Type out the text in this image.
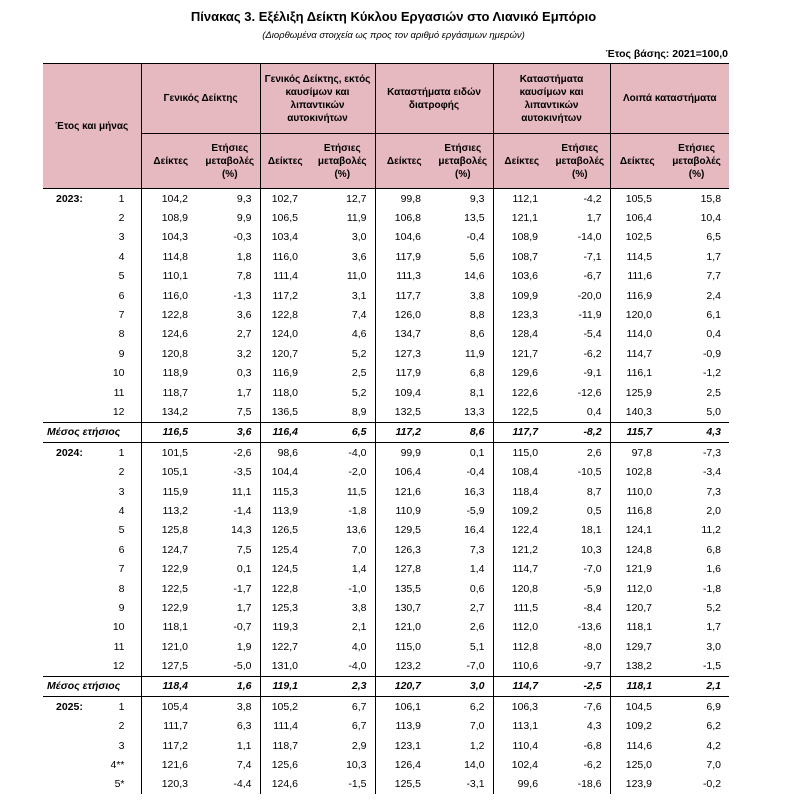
Πίνακας 3. Εξέλιξη Δείκτη Κύκλου Εργασιών στο Λιανικό Εμπόριο
(Διορθωμένα στοιχεία ως προς τον αριθμό εργάσιμων ημερών)
Έτος βάσης: 2021=100,0
Έτος και μήνας	Γενικός Δείκτης		Γενικός Δείκτης, εκτός καυσίμων και λιπαντικών αυτοκινήτων		Καταστήματα ειδών διατροφής		Καταστήματα καυσίμων και λιπαντικών αυτοκινήτων		Λοιπά καταστήματα	
	Δείκτες	Ετήσιες μεταβολές (%)	Δείκτες	Ετήσιες μεταβολές (%)	Δείκτες	Ετήσιες μεταβολές (%)	Δείκτες	Ετήσιες μεταβολές (%)	Δείκτες	Ετήσιες μεταβολές (%)
2023: 1	104,2	9,3	102,7	12,7	99,8	9,3	112,1	-4,2	105,5	15,8

2	108,9	9,9	106,5	11,9	106,8	13,5	121,1	1,7	106,4	10,4

3	104,3	-0,3	103,4	3,0	104,6	-0,4	108,9	-14,0	102,5	6,5

4	114,8	1,8	116,0	3,6	117,9	5,6	108,7	-7,1	114,5	1,7

5	110,1	7,8	111,4	11,0	111,3	14,6	103,6	-6,7	111,6	7,7

6	116,0	-1,3	117,2	3,1	117,7	3,8	109,9	-20,0	116,9	2,4

7	122,8	3,6	122,8	7,4	126,0	8,8	123,3	-11,9	120,0	6,1

8	124,6	2,7	124,0	4,6	134,7	8,6	128,4	-5,4	114,0	0,4

9	120,8	3,2	120,7	5,2	127,3	11,9	121,7	-6,2	114,7	-0,9

10	118,9	0,3	116,9	2,5	117,9	6,8	129,6	-9,1	116,1	-1,2

11	118,7	1,7	118,0	5,2	109,4	8,1	122,6	-12,6	125,9	2,5

12	134,2	7,5	136,5	8,9	132,5	13,3	122,5	0,4	140,3	5,0
Μέσος ετήσιος	116,5	3,6	116,4	6,5	117,2	8,6	117,7	-8,2	115,7	4,3
2024: 1	101,5	-2,6	98,6	-4,0	99,9	0,1	115,0	2,6	97,8	-7,3

2	105,1	-3,5	104,4	-2,0	106,4	-0,4	108,4	-10,5	102,8	-3,4

3	115,9	11,1	115,3	11,5	121,6	16,3	118,4	8,7	110,0	7,3

4	113,2	-1,4	113,9	-1,8	110,9	-5,9	109,2	0,5	116,8	2,0

5	125,8	14,3	126,5	13,6	129,5	16,4	122,4	18,1	124,1	11,2

6	124,7	7,5	125,4	7,0	126,3	7,3	121,2	10,3	124,8	6,8

7	122,9	0,1	124,5	1,4	127,8	1,4	114,7	-7,0	121,9	1,6

8	122,5	-1,7	122,8	-1,0	135,5	0,6	120,8	-5,9	112,0	-1,8

9	122,9	1,7	125,3	3,8	130,7	2,7	111,5	-8,4	120,7	5,2

10	118,1	-0,7	119,3	2,1	121,0	2,6	112,0	-13,6	118,1	1,7

11	121,0	1,9	122,7	4,0	115,0	5,1	112,8	-8,0	129,7	3,0

12	127,5	-5,0	131,0	-4,0	123,2	-7,0	110,6	-9,7	138,2	-1,5
Μέσος ετήσιος	118,4	1,6	119,1	2,3	120,7	3,0	114,7	-2,5	118,1	2,1
2025: 1	105,4	3,8	105,2	6,7	106,1	6,2	106,3	-7,6	104,5	6,9

2	111,7	6,3	111,4	6,7	113,9	7,0	113,1	4,3	109,2	6,2

3	117,2	1,1	118,7	2,9	123,1	1,2	110,4	-6,8	114,6	4,2

4**	121,6	7,4	125,6	10,3	126,4	14,0	102,4	-6,2	125,0	7,0

5*	120,3	-4,4	124,6	-1,5	125,5	-3,1	99,6	-18,6	123,9	-0,2
